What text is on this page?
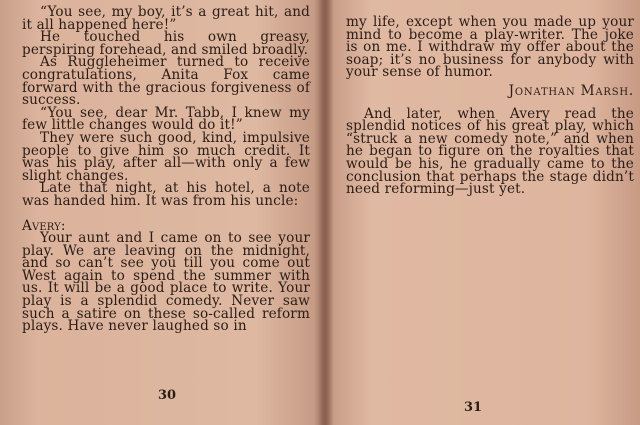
“You see, my boy, it’s a great hit, and it all happened here!”

He touched his own greasy, perspiring forehead, and smiled broadly.

As Ruggleheimer turned to receive congratulations, Anita Fox came forward with the gracious forgiveness of success.

“You see, dear Mr. Tabb, I knew my few little changes would do it!”

They were such good, kind, impulsive people to give him so much credit. It was his play, after all—with only a few slight changes.

Late that night, at his hotel, a note was handed him. It was from his uncle:

Avery:

Your aunt and I came on to see your play. We are leaving on the midnight, and so can’t see you till you come out West again to spend the summer with us. It will be a good place to write. Your play is a splendid comedy. Never saw such a satire on these so-called reform plays. Have never laughed so in

30

my life, except when you made up your mind to become a play-writer. The joke is on me. I withdraw my offer about the soap; it’s no business for anybody with your sense of humor.

Jonathan Marsh.

And later, when Avery read the splendid notices of his great play, which “struck a new comedy note,” and when he began to figure on the royalties that would be his, he gradually came to the conclusion that perhaps the stage didn’t need reforming—just yet.

31
